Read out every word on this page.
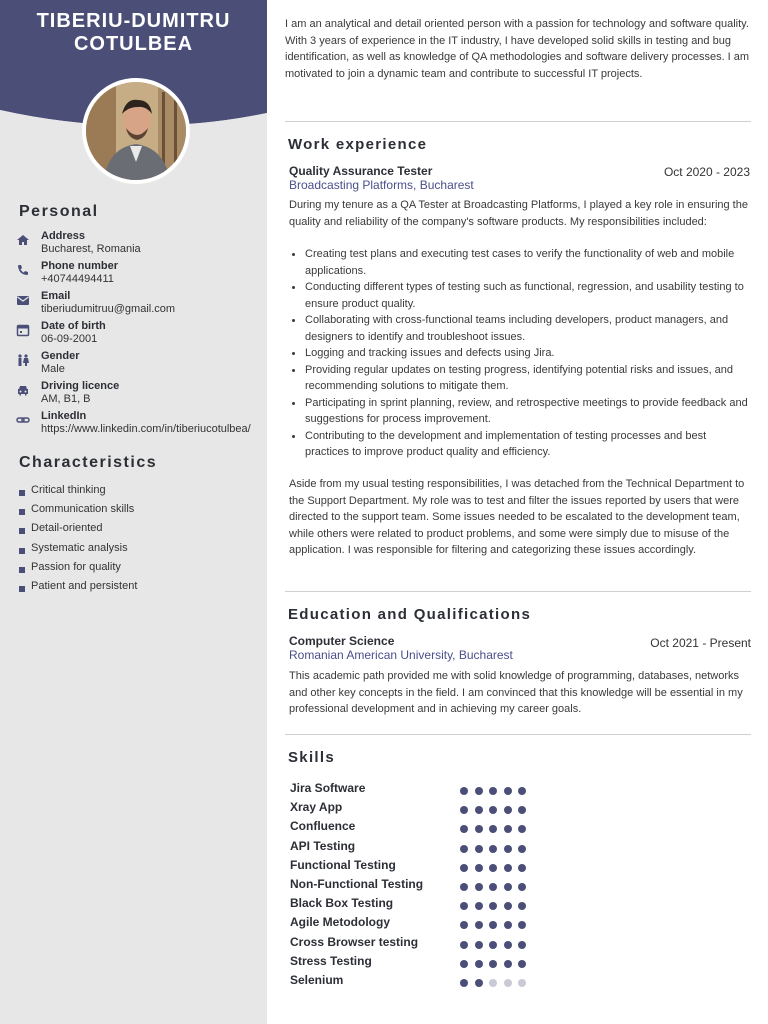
TIBERIU-DUMITRU
COTULBEA
Personal
Address
Bucharest, Romania
Phone number
+40744494411
Email
tiberiudumitruu@gmail.com
Date of birth
06-09-2001
Gender
Male
Driving licence
AM, B1, B
LinkedIn
https://www.linkedin.com/in/tiberiucotulbea/
Characteristics
Critical thinking
Communication skills
Detail-oriented
Systematic analysis
Passion for quality
Patient and persistent

I am an analytical and detail oriented person with a passion for technology and software quality. With 3 years of experience in the IT industry, I have developed solid skills in testing and bug identification, as well as knowledge of QA methodologies and software delivery processes. I am motivated to join a dynamic team and contribute to successful IT projects.

Work experience
Quality Assurance Tester	Oct 2020 - 2023
Broadcasting Platforms, Bucharest

During my tenure as a QA Tester at Broadcasting Platforms, I played a key role in ensuring the quality and reliability of the company's software products. My responsibilities included:

Creating test plans and executing test cases to verify the functionality of web and mobile applications.
Conducting different types of testing such as functional, regression, and usability testing to ensure product quality.
Collaborating with cross-functional teams including developers, product managers, and designers to identify and troubleshoot issues.
Logging and tracking issues and defects using Jira.
Providing regular updates on testing progress, identifying potential risks and issues, and recommending solutions to mitigate them.
Participating in sprint planning, review, and retrospective meetings to provide feedback and suggestions for process improvement.
Contributing to the development and implementation of testing processes and best practices to improve product quality and efficiency.

Aside from my usual testing responsibilities, I was detached from the Technical Department to the Support Department. My role was to test and filter the issues reported by users that were directed to the support team. Some issues needed to be escalated to the development team, while others were related to product problems, and some were simply due to misuse of the application. I was responsible for filtering and categorizing these issues accordingly.

Education and Qualifications
Computer Science	Oct 2021 - Present
Romanian American University, Bucharest

This academic path provided me with solid knowledge of programming, databases, networks and other key concepts in the field. I am convinced that this knowledge will be essential in my professional development and in achieving my career goals.

Skills
Jira Software
Xray App
Confluence
API Testing
Functional Testing
Non-Functional Testing
Black Box Testing
Agile Metodology
Cross Browser testing
Stress Testing
Selenium
